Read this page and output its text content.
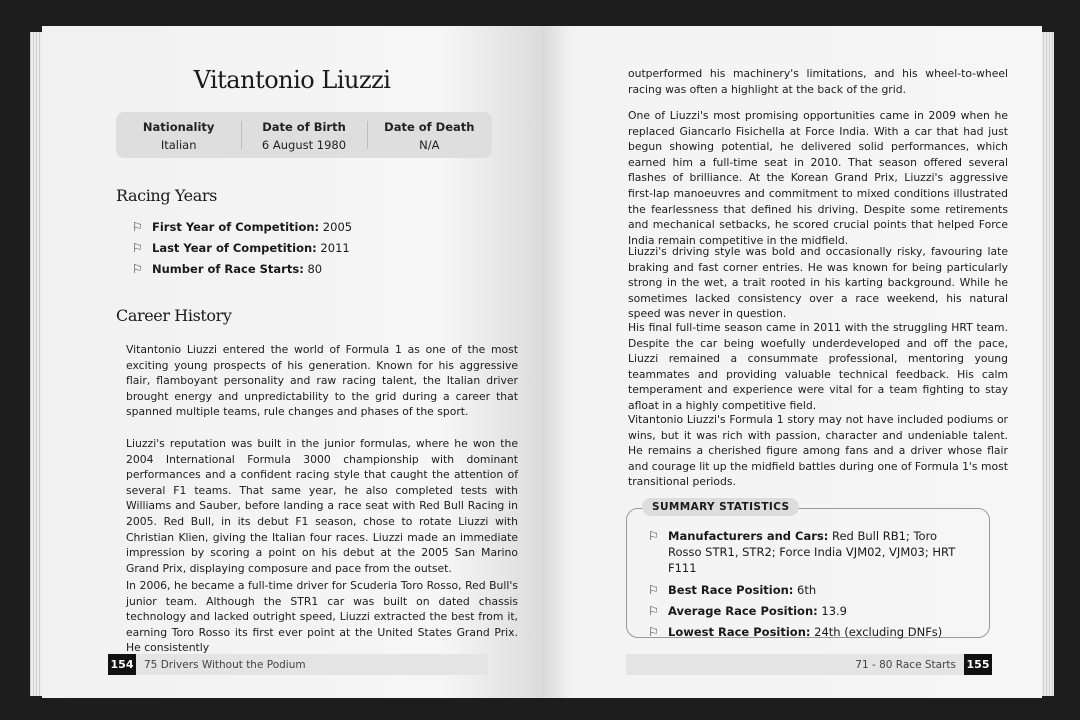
Vitantonio Liuzzi
Nationality
Italian
Date of Birth
6 August 1980
Date of Death
N/A
Racing Years
⚐ First Year of Competition: 2005
⚐ Last Year of Competition: 2011
⚐ Number of Race Starts: 80
Career History

Vitantonio Liuzzi entered the world of Formula 1 as one of the most exciting young prospects of his generation. Known for his aggressive flair, flamboyant personality and raw racing talent, the Italian driver brought energy and unpredictability to the grid during a career that spanned multiple teams, rule changes and phases of the sport.

Liuzzi's reputation was built in the junior formulas, where he won the 2004 International Formula 3000 championship with dominant performances and a confident racing style that caught the attention of several F1 teams. That same year, he also completed tests with Williams and Sauber, before landing a race seat with Red Bull Racing in 2005. Red Bull, in its debut F1 season, chose to rotate Liuzzi with Christian Klien, giving the Italian four races. Liuzzi made an immediate impression by scoring a point on his debut at the 2005 San Marino Grand Prix, displaying composure and pace from the outset.

In 2006, he became a full-time driver for Scuderia Toro Rosso, Red Bull's junior team. Although the STR1 car was built on dated chassis technology and lacked outright speed, Liuzzi extracted the best from it, earning Toro Rosso its first ever point at the United States Grand Prix. He consistently

154 75 Drivers Without the Podium

outperformed his machinery's limitations, and his wheel-to-wheel racing was often a highlight at the back of the grid.

One of Liuzzi's most promising opportunities came in 2009 when he replaced Giancarlo Fisichella at Force India. With a car that had just begun showing potential, he delivered solid performances, which earned him a full-time seat in 2010. That season offered several flashes of brilliance. At the Korean Grand Prix, Liuzzi's aggressive first-lap manoeuvres and commitment to mixed conditions illustrated the fearlessness that defined his driving. Despite some retirements and mechanical setbacks, he scored crucial points that helped Force India remain competitive in the midfield.

Liuzzi's driving style was bold and occasionally risky, favouring late braking and fast corner entries. He was known for being particularly strong in the wet, a trait rooted in his karting background. While he sometimes lacked consistency over a race weekend, his natural speed was never in question.

His final full-time season came in 2011 with the struggling HRT team. Despite the car being woefully underdeveloped and off the pace, Liuzzi remained a consummate professional, mentoring young teammates and providing valuable technical feedback. His calm temperament and experience were vital for a team fighting to stay afloat in a highly competitive field.

Vitantonio Liuzzi's Formula 1 story may not have included podiums or wins, but it was rich with passion, character and undeniable talent. He remains a cherished figure among fans and a driver whose flair and courage lit up the midfield battles during one of Formula 1's most transitional periods.

SUMMARY STATISTICS
⚐ Manufacturers and Cars: Red Bull RB1; Toro Rosso STR1, STR2; Force India VJM02, VJM03; HRT F111
⚐ Best Race Position: 6th
⚐ Average Race Position: 13.9
⚐ Lowest Race Position: 24th (excluding DNFs)
71 - 80 Race Starts 155
